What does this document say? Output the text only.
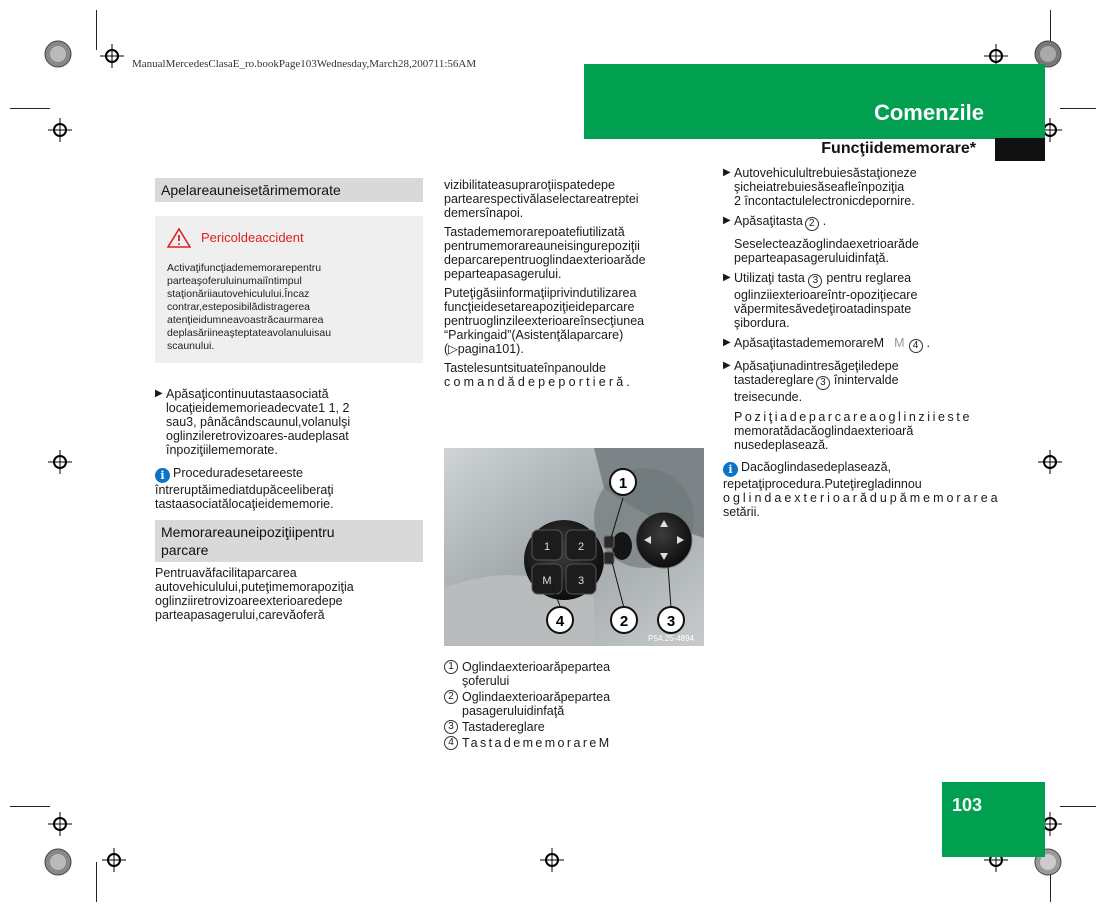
ManualMercedesClasaE_ro.bookPage103Wednesday,March28,200711:56AM
Comenzile
Funcţiidememorare*
Apelareauneisetărimemorate
Pericoldeaccident
Activaţifuncţiadememorarepentru
parteaşoferuluinumaiîntimpul
staţionăriiautovehiculului.Încaz
contrar,esteposibilădistragerea
atenţieidumneavoastrăcaurmarea
deplasăriineaşteptateavolanuluisau
scaunului.
▶ Apăsaţicontinuutastaasociată
locaţieidememorieadecvate1 1, 2
sau3, pânăcândscaunul,volanulşi
oglinzileretrovizoares-audeplasat
înpoziţiilememorate.
i Proceduradesetareeste
întreruptăimediatdupăceeliberaţi
tastaasociatălocaţieidememorie.
Memorareauneipoziţiipentru
parcare
Pentruavăfacilitaparcarea
autovehiculului,puteţimemorapoziţia
oglinziiretrovizoareexterioaredepe
parteapasagerului,carevăoferă
vizibilitateasupraroţiispatedepe
partearespectivălaselectareatreptei
demersînapoi.
Tastadememorarepoatefiutilizată
pentrumemorareauneisingurepoziţii
deparcarepentruoglindaexterioarăde
peparteapasagerului.
Puteţigăsiinformaţiiprivindutilizarea
funcţieidesetareapoziţieideparcare
pentruoglinzileexterioareînsecţiunea
“Parkingaid”(Asistenţălaparcare)
(▷pagina101).
Tastelesuntsituateînpanoulde
comandădepeportieră.
1	2
M 3
1
4	2	3
P54.25-4894
1 Oglindaexterioarăpepartea
şoferului
2 Oglindaexterioarăpepartea
pasageruluidinfaţă
3 Tastadereglare
4 TastadememorareM
▶ Autovehiculultrebuiesăstaţioneze
şicheiatrebuiesăseafleînpoziţia
2 încontactulelectronicdepornire.
▶ Apăsaţitasta 2 .
Seselecteazăoglindaexetrioarăde
peparteapasageruluidinfaţă.
▶ Utilizaţi tasta 3 pentru reglarea
oglinziiexterioareîntr-opoziţiecare
văpermitesăvedeţiroatadinspate
şibordura.
▶ ApăsaţitastadememorareM M 4 .
▶ Apăsaţiunadintresăgeţiledepe
tastadereglare 3 înintervalde
treisecunde.
Poziţiadeparcareaoglinziieste
memoratădacăoglindaexterioară
nusedeplasează.
i Dacăoglindasedeplasează,
repetaţiprocedura.Puteţiregladinnou
oglindaexterioarădupămemorarea
setării.
103
